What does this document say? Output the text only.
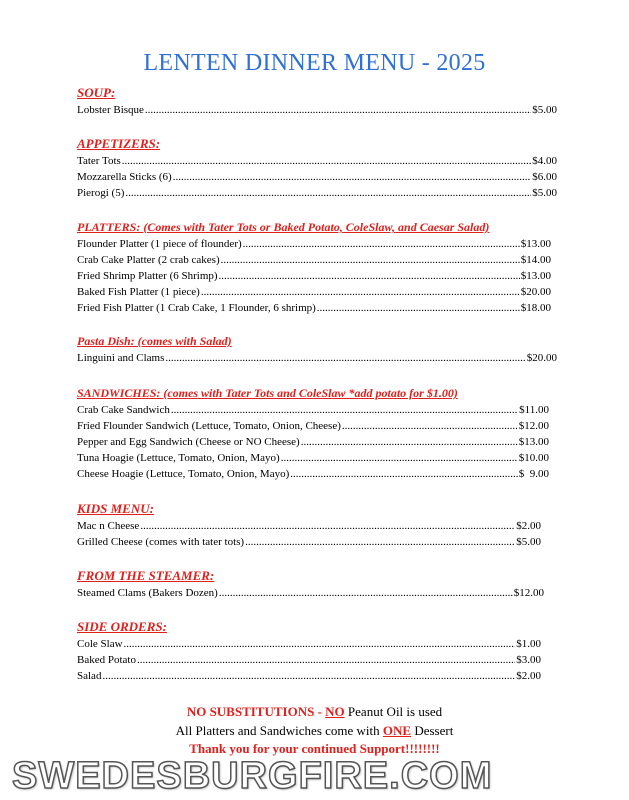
LENTEN DINNER MENU - 2025
SOUP:
Lobster Bisque .....	$5.00
APPETIZERS:
Tater Tots .....	$4.00
Mozzarella Sticks (6) .....	$6.00
Pierogi (5) .....	$5.00
PLATTERS: (Comes with Tater Tots or Baked Potato, ColeSlaw, and Caesar Salad)
Flounder Platter (1 piece of flounder) .....	$13.00
Crab Cake Platter (2 crab cakes) .....	$14.00
Fried Shrimp Platter (6 Shrimp) .....	$13.00
Baked Fish Platter (1 piece) .....	$20.00
Fried Fish Platter (1 Crab Cake, 1 Flounder, 6 shrimp) .....	$18.00
Pasta Dish: (comes with Salad)
Linguini and Clams .....	$20.00
SANDWICHES: (comes with Tater Tots and ColeSlaw *add potato for $1.00)
Crab Cake Sandwich .....	$11.00
Fried Flounder Sandwich (Lettuce, Tomato, Onion, Cheese) .....	$12.00
Pepper and Egg Sandwich (Cheese or NO Cheese) .....	$13.00
Tuna Hoagie (Lettuce, Tomato, Onion, Mayo) .....	$10.00
Cheese Hoagie (Lettuce, Tomato, Onion, Mayo) .....	$  9.00
KIDS MENU:
Mac n Cheese .....	$2.00
Grilled Cheese (comes with tater tots) .....	$5.00
FROM THE STEAMER:
Steamed Clams (Bakers Dozen) .....	$12.00
SIDE ORDERS:
Cole Slaw .....	$1.00
Baked Potato .....	$3.00
Salad .....	$2.00
NO SUBSTITUTIONS - NO Peanut Oil is used
All Platters and Sandwiches come with ONE Dessert
Thank you for your continued Support!!!!!!!!
SWEDESBURGFIRE.COM
